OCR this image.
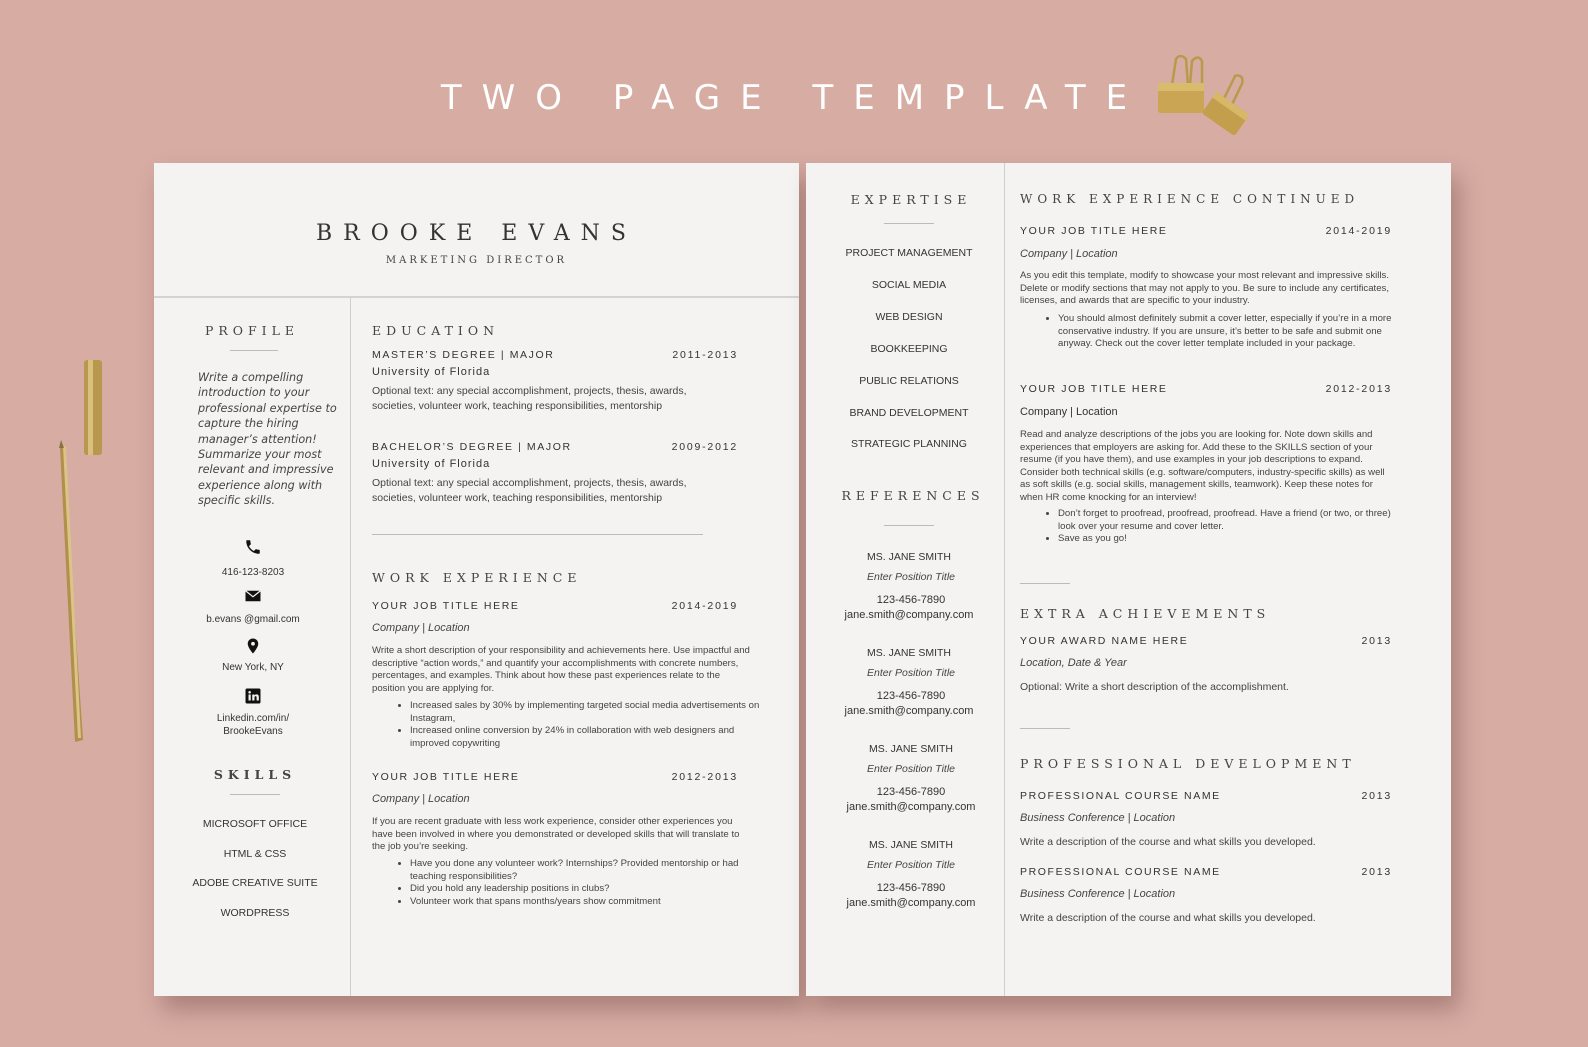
TWO PAGE TEMPLATE
BROOKE EVANS
MARKETING DIRECTOR
PROFILE
Write a compelling introduction to your professional expertise to capture the hiring manager’s attention! Summarize your most relevant and impressive experience along with specific skills.
416-123-8203
b.evans @gmail.com
New York, NY
Linkedin.com/in/
BrookeEvans
SKILLS
MICROSOFT OFFICE
HTML & CSS
ADOBE CREATIVE SUITE
WORDPRESS
EDUCATION
MASTER’S DEGREE | MAJOR	2011-2013
University of Florida
Optional text: any special accomplishment, projects, thesis, awards, societies, volunteer work, teaching responsibilities, mentorship
BACHELOR’S DEGREE | MAJOR	2009-2012
University of Florida
Optional text: any special accomplishment, projects, thesis, awards, societies, volunteer work, teaching responsibilities, mentorship
WORK EXPERIENCE
YOUR JOB TITLE HERE	2014-2019
Company | Location
Write a short description of your responsibility and achievements here. Use impactful and descriptive “action words,” and quantify your accomplishments with concrete numbers, percentages, and examples. Think about how these past experiences relate to the position you are applying for.
• Increased sales by 30% by implementing targeted social media advertisements on Instagram,
• Increased online conversion by 24% in collaboration with web designers and improved copywriting
YOUR JOB TITLE HERE	2012-2013
Company | Location
If you are recent graduate with less work experience, consider other experiences you have been involved in where you demonstrated or developed skills that will translate to the job you’re seeking.
• Have you done any volunteer work? Internships? Provided mentorship or had teaching responsibilities?
• Did you hold any leadership positions in clubs?
• Volunteer work that spans months/years show commitment
EXPERTISE
PROJECT MANAGEMENT
SOCIAL MEDIA
WEB DESIGN
BOOKKEEPING
PUBLIC RELATIONS
BRAND DEVELOPMENT
STRATEGIC PLANNING
REFERENCES
MS. JANE SMITH
Enter Position Title
123-456-7890
jane.smith@company.com
MS. JANE SMITH
Enter Position Title
123-456-7890
jane.smith@company.com
MS. JANE SMITH
Enter Position Title
123-456-7890
jane.smith@company.com
MS. JANE SMITH
Enter Position Title
123-456-7890
jane.smith@company.com
WORK EXPERIENCE CONTINUED
YOUR JOB TITLE HERE	2014-2019
Company | Location
As you edit this template, modify to showcase your most relevant and impressive skills. Delete or modify sections that may not apply to you. Be sure to include any certificates, licenses, and awards that are specific to your industry.
• You should almost definitely submit a cover letter, especially if you’re in a more conservative industry. If you are unsure, it’s better to be safe and submit one anyway. Check out the cover letter template included in your package.
YOUR JOB TITLE HERE	2012-2013
Company | Location
Read and analyze descriptions of the jobs you are looking for. Note down skills and experiences that employers are asking for. Add these to the SKILLS section of your resume (if you have them), and use examples in your job descriptions to expand. Consider both technical skills (e.g. software/computers, industry-specific skills) as well as soft skills (e.g. social skills, management skills, teamwork). Keep these notes for when HR come knocking for an interview!
• Don’t forget to proofread, proofread, proofread. Have a friend (or two, or three) look over your resume and cover letter.
• Save as you go!
EXTRA ACHIEVEMENTS
YOUR AWARD NAME HERE	2013
Location, Date & Year
Optional: Write a short description of the accomplishment.
PROFESSIONAL DEVELOPMENT
PROFESSIONAL COURSE NAME	2013
Business Conference | Location
Write a description of the course and what skills you developed.
PROFESSIONAL COURSE NAME	2013
Business Conference | Location
Write a description of the course and what skills you developed.
